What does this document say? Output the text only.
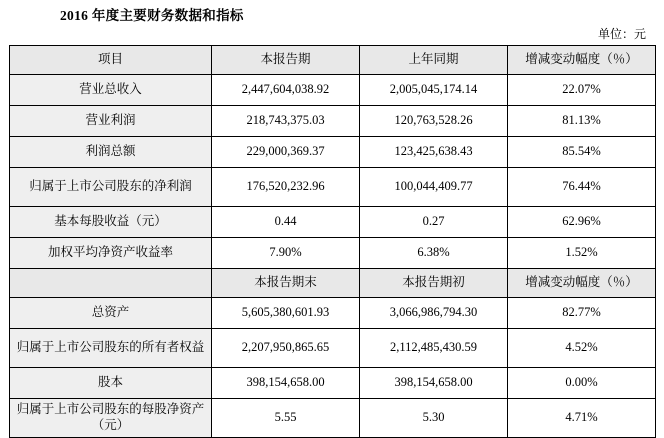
2016 年度主要财务数据和指标
单位：元
项目	本报告期	上年同期	增减变动幅度（％）
营业总收入	2,447,604,038.92	2,005,045,174.14	22.07%
营业利润	218,743,375.03	120,763,528.26	81.13%
利润总额	229,000,369.37	123,425,638.43	85.54%
归属于上市公司股东的净利润	176,520,232.96	100,044,409.77	76.44%
基本每股收益（元）	0.44	0.27	62.96%
加权平均净资产收益率	7.90%	6.38%	1.52%
	本报告期末	本报告期初	增减变动幅度（％）
总资产	5,605,380,601.93	3,066,986,794.30	82.77%
归属于上市公司股东的所有者权益	2,207,950,865.65	2,112,485,430.59	4.52%
股本	398,154,658.00	398,154,658.00	0.00%
归属于上市公司股东的每股净资产（元）	5.55	5.30	4.71%
